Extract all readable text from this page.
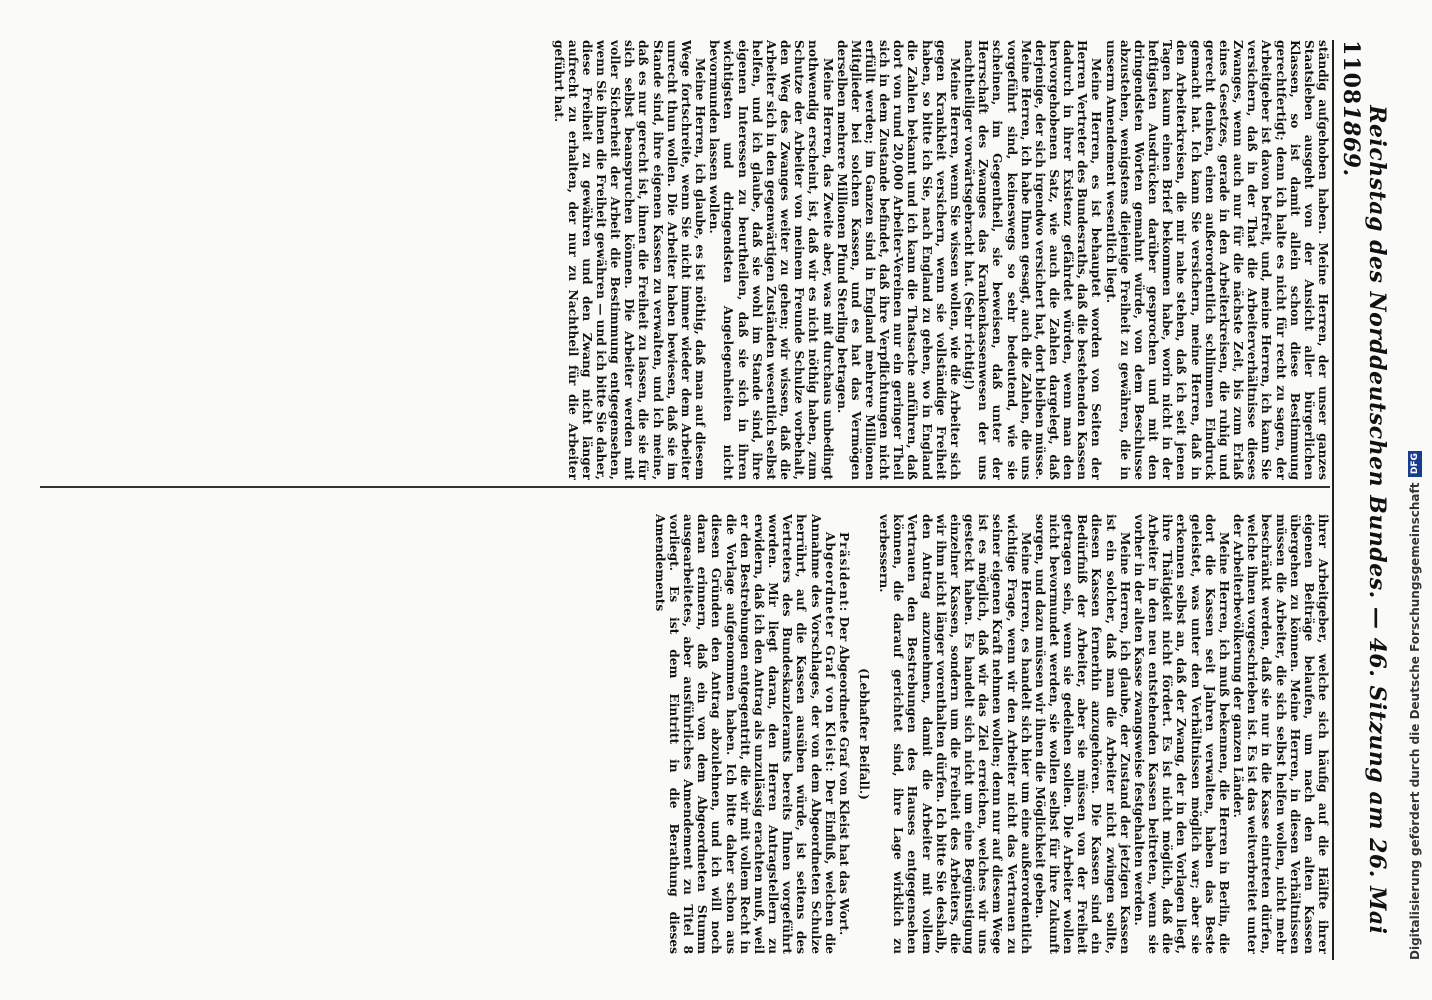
1108
Reichstag des Norddeutschen Bundes. — 46. Sitzung am 26. Mai 1869.

ständig aufgehoben haben. Meine Herren, der unser ganzes Staatsleben ausgeht von der Ansicht aller bürgerlichen Klassen, so ist damit allein schon diese Bestimmung gerechtfertigt; denn ich halte es nicht für recht zu sagen, der Arbeitgeber ist davon befreit, und, meine Herren, ich kann Sie versichern, daß in der That die Arbeiterverhältnisse dieses Zwanges, wenn auch nur für die nächste Zeit, bis zum Erlaß eines Gesetzes, gerade in den Arbeiterkreisen, die ruhig und gerecht denken, einen außerordentlich schlimmen Eindruck gemacht hat. Ich kann Sie versichern, meine Herren, daß in den Arbeiterkreisen, die mir nahe stehen, daß ich seit jenen Tagen kaum einen Brief bekommen habe, worin nicht in der heftigsten Ausdrücken darüber gesprochen und mit den dringendsten Worten gemahnt würde, von dem Beschlusse abzustehen, wenigstens diejenige Freiheit zu gewähren, die in unserm Amendement wesentlich liegt.

Meine Herren, es ist behauptet worden von Seiten der Herren Vertreter des Bundesraths, daß die bestehenden Kassen dadurch in ihrer Existenz gefährdet würden, wenn man den hervorgehobenen Satz, wie auch die Zahlen dargelegt, daß derjenige, der sich irgendwo versichert hat, dort bleiben müsse. Meine Herren, ich habe Ihnen gesagt, auch die Zahlen, die uns vorgeführt sind, keineswegs so sehr bedeutend, wie sie scheinen, im Gegentheil, sie beweisen, daß unter der Herrschaft des Zwanges das Krankenkassenwesen der uns nachtheiliger vorwärtsgebracht hat. (Sehr richtig!)

Meine Herren, wenn Sie wissen wollen, wie die Arbeiter sich gegen Krankheit versichern, wenn sie vollständige Freiheit haben, so bitte ich Sie, nach England zu gehen, wo in England die Zahlen bekannt und ich kann die Thatsache anführen, daß dort von rund 20,000 Arbeiter-Vereinen nur ein geringer Theil sich in dem Zustande befindet, daß ihre Verpflichtungen nicht erfüllt werden; im Ganzen sind in England mehrere Millionen Mitglieder bei solchen Kassen, und es hat das Vermögen derselben mehrere Millionen Pfund Sterling betragen.

Meine Herren, das Zweite aber, was mit durchaus unbedingt nothwendig erscheint, ist, daß wir es nicht nöthig haben, zum Schutze der Arbeiter von meinem Freunde Schulze vorbehalt, den Weg des Zwanges weiter zu gehen; wir wissen, daß die Arbeiter sich in den gegenwärtigen Zuständen wesentlich selbst helfen, und ich glaube, daß sie wohl im Stande sind, ihre eigenen Interessen zu beurtheilen, daß sie sich in ihren wichtigsten und dringendsten Angelegenheiten nicht bevormunden lassen wollen.

Meine Herren, ich glaube, es ist nöthig, daß man auf diesem Wege fortschreite, wenn Sie nicht immer wieder dem Arbeiter unrecht thun wollen. Die Arbeiter haben bewiesen, daß sie im Stande sind, ihre eigenen Kassen zu verwalten, und ich meine, daß es nur gerecht ist, ihnen die Freiheit zu lassen, die sie für sich selbst beanspruchen können. Die Arbeiter werden mit voller Sicherheit der Arbeit die Bestimmung entgegensehen, wenn Sie ihnen die Freiheit gewähren — und ich bitte Sie daher, diese Freiheit zu gewähren und den Zwang nicht länger aufrecht zu erhalten, der nur zu Nachtheil für die Arbeiter geführt hat.

ihrer Arbeitgeber, welche sich häufig auf die Hälfte ihrer eigenen Beiträge belaufen, um nach den alten Kassen übergehen zu können. Meine Herren, in diesen Verhältnissen müssen die Arbeiter, die sich selbst helfen wollen, nicht mehr beschränkt werden, daß sie nur in die Kasse eintreten dürfen, welche ihnen vorgeschrieben ist. Es ist das weitverbreitet unter der Arbeiterbevölkerung der ganzen Länder.

Meine Herren, ich muß bekennen, die Herren in Berlin, die dort die Kassen seit Jahren verwalten, haben das Beste geleistet, was unter den Verhältnissen möglich war; aber sie erkennen selbst an, daß der Zwang, der in den Vorlagen liegt, ihre Thätigkeit nicht fördert. Es ist nicht möglich, daß die Arbeiter in den neu entstehenden Kassen beitreten, wenn sie vorher in der alten Kasse zwangsweise festgehalten werden.

Meine Herren, ich glaube, der Zustand der jetzigen Kassen ist ein solcher, daß man die Arbeiter nicht zwingen sollte, diesen Kassen fernerhin anzugehören. Die Kassen sind ein Bedürfniß der Arbeiter, aber sie müssen von der Freiheit getragen sein, wenn sie gedeihen sollen. Die Arbeiter wollen nicht bevormundet werden, sie wollen selbst für ihre Zukunft sorgen, und dazu müssen wir ihnen die Möglichkeit geben.

Meine Herren, es handelt sich hier um eine außerordentlich wichtige Frage, wenn wir den Arbeiter nicht das Vertrauen zu seiner eigenen Kraft nehmen wollen; denn nur auf diesem Wege ist es möglich, daß wir das Ziel erreichen, welches wir uns gesteckt haben. Es handelt sich nicht um eine Begünstigung einzelner Kassen, sondern um die Freiheit des Arbeiters, die wir ihm nicht länger vorenthalten dürfen. Ich bitte Sie deshalb, den Antrag anzunehmen, damit die Arbeiter mit vollem Vertrauen den Bestrebungen des Hauses entgegensehen können, die darauf gerichtet sind, ihre Lage wirklich zu verbessern.

(Lebhafter Beifall.)

Präsident: Der Abgeordnete Graf von Kleist hat das Wort.

Abgeordneter Graf von Kleist: Der Einfluß, welchen die Annahme des Vorschlages, der von dem Abgeordneten Schulze herrührt, auf die Kassen ausüben würde, ist seitens des Vertreters des Bundeskanzleramts bereits Ihnen vorgeführt worden. Mir liegt daran, den Herren Antragstellern zu erwidern, daß ich den Antrag als unzulässig erachten muß, weil er den Bestrebungen entgegentritt, die wir mit vollem Recht in die Vorlage aufgenommen haben. Ich bitte daher schon aus diesen Gründen den Antrag abzulehnen, und ich will noch daran erinnern, daß ein von dem Abgeordneten Stumm ausgearbeitetes, aber ausführliches Amendement zu Titel 8 vorliegt. Es ist dem Eintritt in die Berathung dieses Amendements	Digitalisierung gefördert durch die Deutsche Forschungsgemeinschaft
DFG
